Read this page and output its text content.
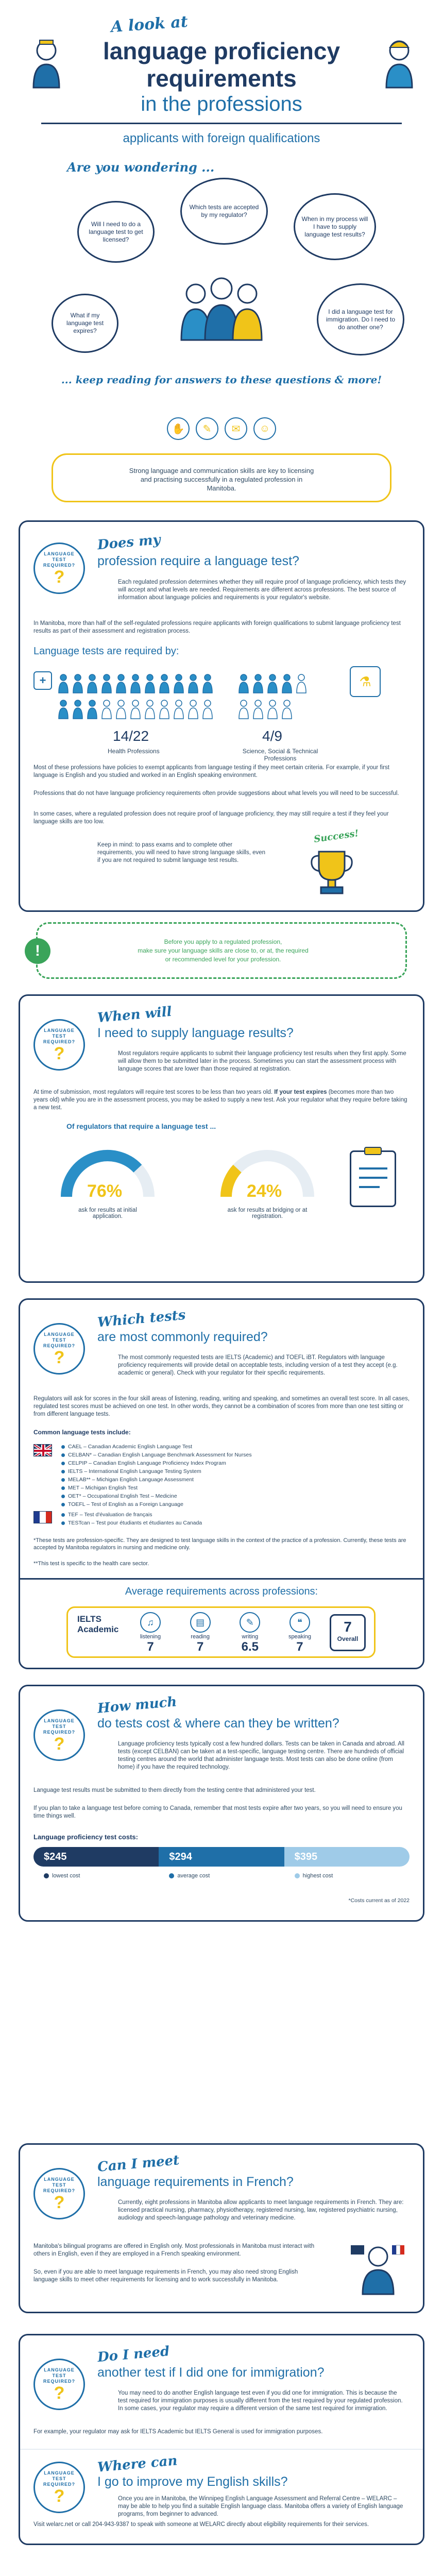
A look at
language proficiency
requirements
in the professions
applicants with foreign qualifications
Are you wondering ...
Will I need to do a language test to get licensed?
Which tests are accepted by my regulator?
When in my process will I have to supply language test results?
What if my language test expires?
I did a language test for immigration. Do I need to do another one?
... keep reading for answers to these questions & more!
✋	✎	✉	☺
Strong language and communication skills are key to licensing and practising successfully in a regulated profession in Manitoba.
LANGUAGE TEST REQUIRED?
?
Does my
profession require a language test?
Each regulated profession determines whether they will require proof of language proficiency, which tests they will accept and what levels are needed. Requirements are different across professions. The best source of information about language policies and requirements is your regulator's website.
In Manitoba, more than half of the self-regulated professions require applicants with foreign qualifications to submit language proficiency test results as part of their assessment and registration process.
Language tests are required by:
14/22
Health Professions
4/9
Science, Social & Technical Professions
+	⚗
Most of these professions have policies to exempt applicants from language testing if they meet certain criteria. For example, if your first language is English and you studied and worked in an English speaking environment.
Professions that do not have language proficiency requirements often provide suggestions about what levels you will need to be successful.
In some cases, where a regulated profession does not require proof of language proficiency, they may still require a test if they feel your language skills are too low.
Keep in mind: to pass exams and to complete other requirements, you will need to have strong language skills, even if you are not required to submit language test results.
Success!
!
Before you apply to a regulated profession,
make sure your language skills are close to, or at, the required
or recommended level for your profession.
LANGUAGE TEST REQUIRED?
?
When will
I need to supply language results?
Most regulators require applicants to submit their language proficiency test results when they first apply. Some will allow them to be submitted later in the process. Sometimes you can start the assessment process with language scores that are lower than those required at registration.
At time of submission, most regulators will require test scores to be less than two years old. If your test expires (becomes more than two years old) while you are in the assessment process, you may be asked to supply a new test. Ask your regulator what they require before taking a new test.
Of regulators that require a language test ...
76%
ask for results at initial application.
24%
ask for results at bridging or at registration.
LANGUAGE TEST REQUIRED?
?
Which tests
are most commonly required?
The most commonly requested tests are IELTS (Academic) and TOEFL iBT. Regulators with language proficiency requirements will provide detail on acceptable tests, including version of a test they accept (e.g. academic or general). Check with your regulator for their specific requirements.
Regulators will ask for scores in the four skill areas of listening, reading, writing and speaking, and sometimes an overall test score. In all cases, regulated test scores must be achieved on one test. In other words, they cannot be a combination of scores from more than one test sitting or from different language tests.
Common language tests include:
CAEL – Canadian Academic English Language Test
CELBAN* – Canadian English Language Benchmark Assessment for Nurses
CELPIP – Canadian English Language Proficiency Index Program
IELTS – International English Language Testing System
MELAB** – Michigan English Language Assessment
MET – Michigan English Test
OET* – Occupational English Test – Medicine
TOEFL – Test of English as a Foreign Language
TEF – Test d'évaluation de français
TESTcan – Test pour étudiants et étudiantes au Canada
*These tests are profession-specific. They are designed to test language skills in the context of the practice of a profession. Currently, these tests are accepted by Manitoba regulators in nursing and medicine only.
**This test is specific to the health care sector.
Average requirements across professions:
IELTS Academic
♫
listening
7
▤
reading
7
✎
writing
6.5
❝
speaking
7
7
Overall
LANGUAGE TEST REQUIRED?
?
How much
do tests cost & where can they be written?
Language proficiency tests typically cost a few hundred dollars. Tests can be taken in Canada and abroad. All tests (except CELBAN) can be taken at a test-specific, language testing centre. There are hundreds of official testing centres around the world that administer language tests. Most tests can also be done online (from home) if you have the required technology.
Language test results must be submitted to them directly from the testing centre that administered your test.
If you plan to take a language test before coming to Canada, remember that most tests expire after two years, so you will need to ensure you time things well.
Language proficiency test costs:
$245	$294	$395
lowest cost	average cost	highest cost
*Costs current as of 2022
LANGUAGE TEST REQUIRED?
?
Can I meet
language requirements in French?
Currently, eight professions in Manitoba allow applicants to meet language requirements in French. They are: licensed practical nursing, pharmacy, physiotherapy, registered nursing, law, registered psychiatric nursing, audiology and speech-language pathology and veterinary medicine.
Manitoba's bilingual programs are offered in English only. Most professionals in Manitoba must interact with others in English, even if they are employed in a French speaking environment.
So, even if you are able to meet language requirements in French, you may also need strong English language skills to meet other requirements for licensing and to work successfully in Manitoba.
LANGUAGE TEST REQUIRED?
?
Do I need
another test if I did one for immigration?
You may need to do another English language test even if you did one for immigration. This is because the test required for immigration purposes is usually different from the test required by your regulated profession. In some cases, your regulator may require a different version of the same test required for immigration.
For example, your regulator may ask for IELTS Academic but IELTS General is used for immigration purposes.
LANGUAGE TEST REQUIRED?
?
Where can
I go to improve my English skills?
Once you are in Manitoba, the Winnipeg English Language Assessment and Referral Centre – WELARC – may be able to help you find a suitable English language class. Manitoba offers a variety of English language programs, from beginner to advanced.
Visit welarc.net or call 204-943-9387 to speak with someone at WELARC directly about eligibility requirements for their services.
